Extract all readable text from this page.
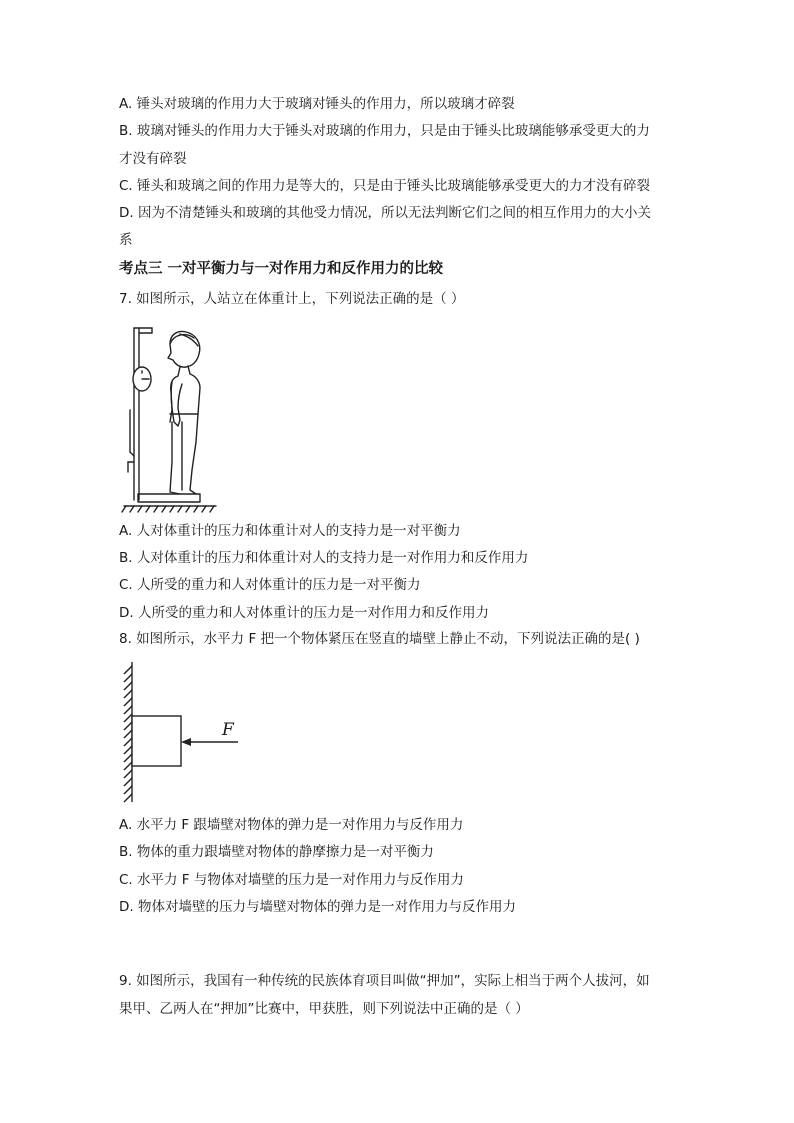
A. 锤头对玻璃的作用力大于玻璃对锤头的作用力，所以玻璃才碎裂
B. 玻璃对锤头的作用力大于锤头对玻璃的作用力，只是由于锤头比玻璃能够承受更大的力
才没有碎裂
C. 锤头和玻璃之间的作用力是等大的，只是由于锤头比玻璃能够承受更大的力才没有碎裂
D. 因为不清楚锤头和玻璃的其他受力情况，所以无法判断它们之间的相互作用力的大小关
系
考点三 一对平衡力与一对作用力和反作用力的比较
7. 如图所示，人站立在体重计上，下列说法正确的是（ ）
A. 人对体重计的压力和体重计对人的支持力是一对平衡力
B. 人对体重计的压力和体重计对人的支持力是一对作用力和反作用力
C. 人所受的重力和人对体重计的压力是一对平衡力
D. 人所受的重力和人对体重计的压力是一对作用力和反作用力
8. 如图所示，水平力 F 把一个物体紧压在竖直的墙壁上静止不动，下列说法正确的是( )
F
A. 水平力 F 跟墙壁对物体的弹力是一对作用力与反作用力
B. 物体的重力跟墙壁对物体的静摩擦力是一对平衡力
C. 水平力 F 与物体对墙壁的压力是一对作用力与反作用力
D. 物体对墙壁的压力与墙壁对物体的弹力是一对作用力与反作用力
9. 如图所示，我国有一种传统的民族体育项目叫做“押加”，实际上相当于两个人拔河，如
果甲、乙两人在“押加”比赛中，甲获胜，则下列说法中正确的是（ ）
